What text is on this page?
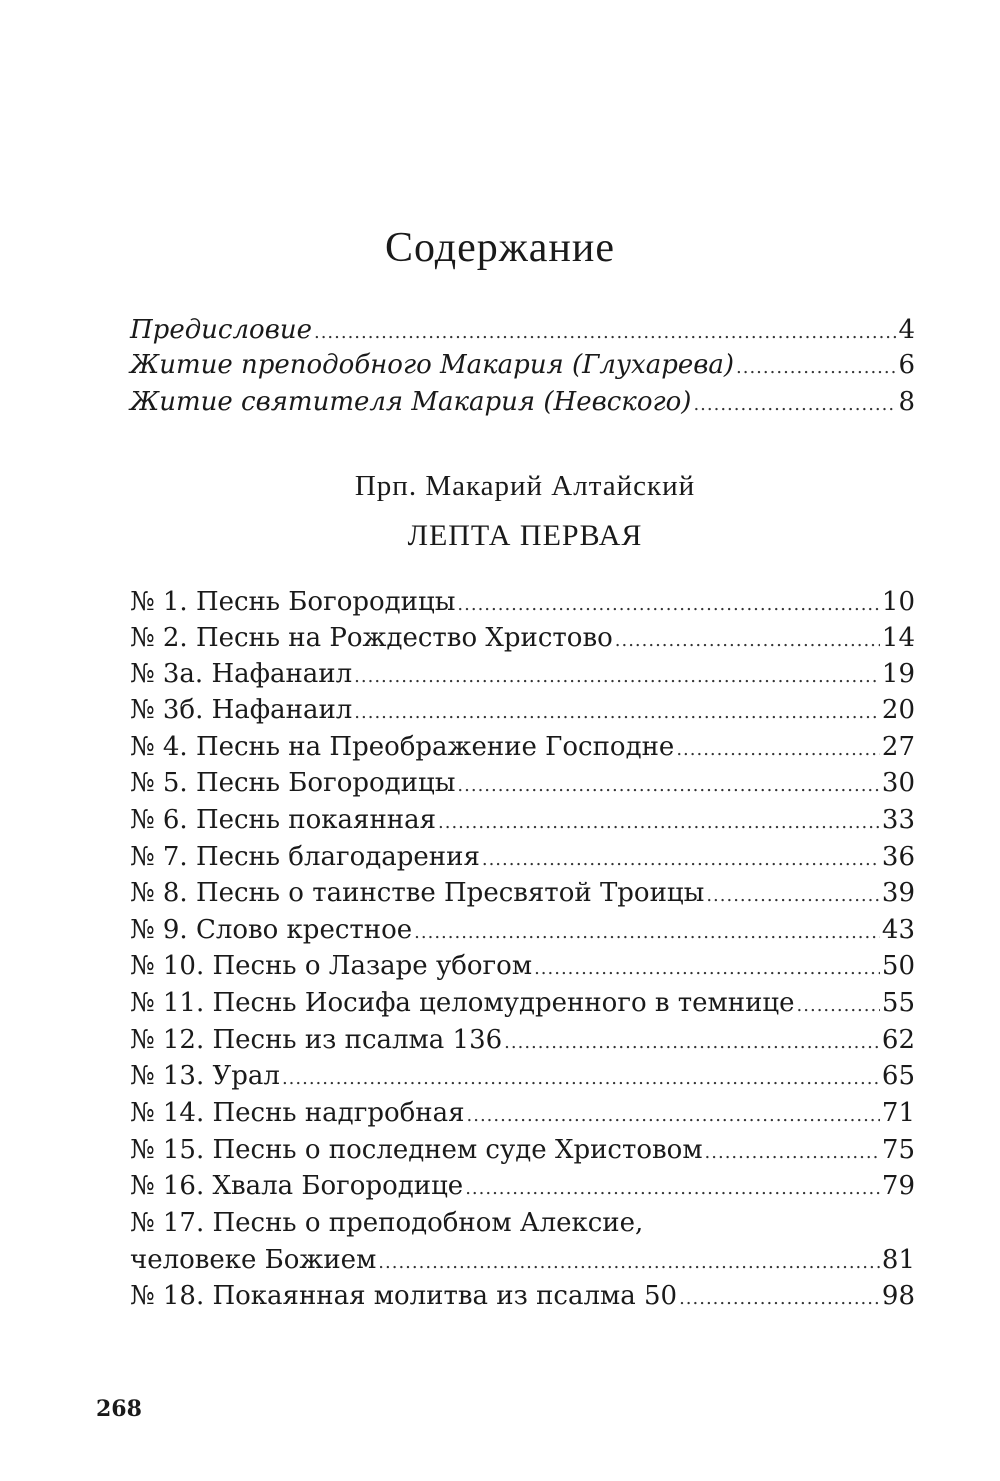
Содержание
Предисловие .....	4
Житие преподобного Макария (Глухарева) .....	6
Житие святителя Макария (Невского) .....	8
Прп. Макарий Алтайский
ЛЕПТА ПЕРВАЯ
№ 1. Песнь Богородицы .....	10
№ 2. Песнь на Рождество Христово .....	14
№ 3а. Нафанаил .....	19
№ 3б. Нафанаил .....	20
№ 4. Песнь на Преображение Господне .....	27
№ 5. Песнь Богородицы .....	30
№ 6. Песнь покаянная .....	33
№ 7. Песнь благодарения .....	36
№ 8. Песнь о таинстве Пресвятой Троицы .....	39
№ 9. Слово крестное .....	43
№ 10. Песнь о Лазаре убогом .....	50
№ 11. Песнь Иосифа целомудренного в темнице .....	55
№ 12. Песнь из псалма 136 .....	62
№ 13. Урал .....	65
№ 14. Песнь надгробная .....	71
№ 15. Песнь о последнем суде Христовом .....	75
№ 16. Хвала Богородице .....	79
№ 17. Песнь о преподобном Алексие,
человеке Божием .....	81
№ 18. Покаянная молитва из псалма 50 .....	98
268
